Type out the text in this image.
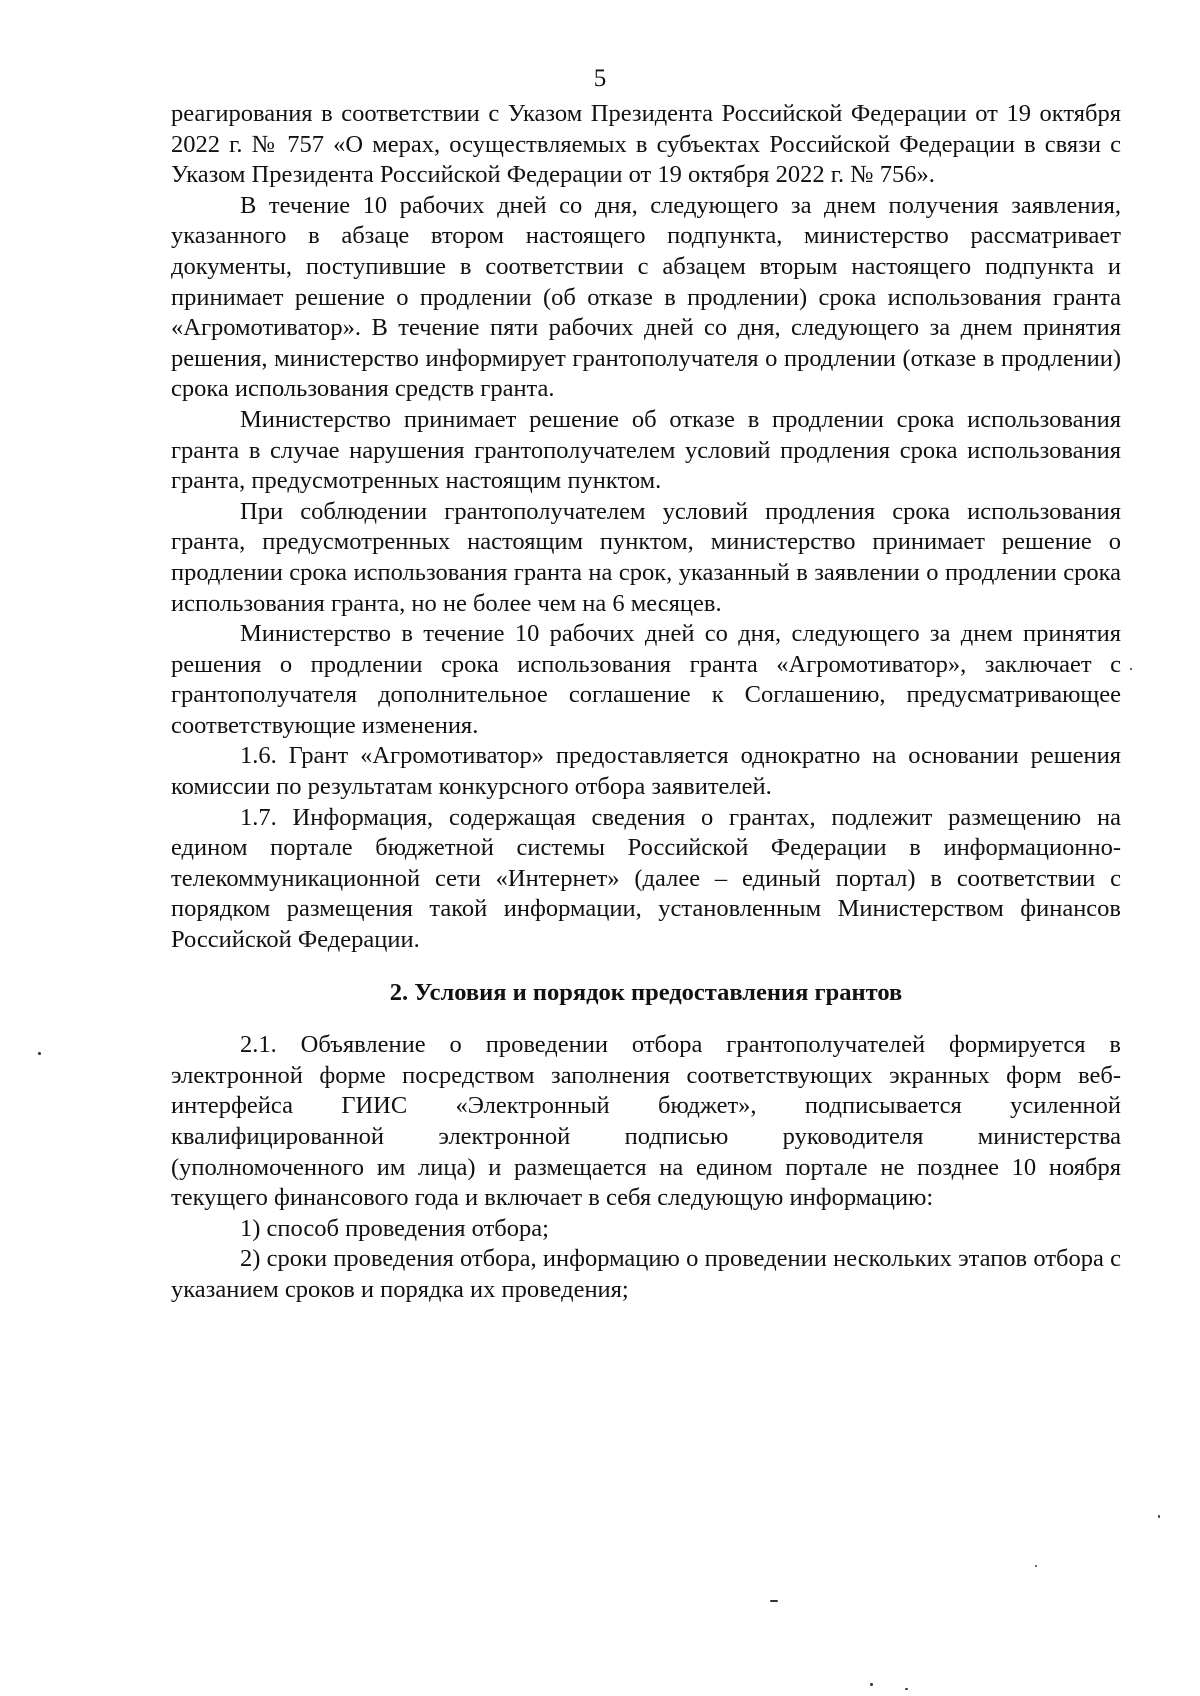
5

реагирования в соответствии с Указом Президента Российской Федерации от 19 октября 2022 г. № 757 «О мерах, осуществляемых в субъектах Российской Федерации в связи с Указом Президента Российской Федерации от 19 октября 2022 г. № 756».

В течение 10 рабочих дней со дня, следующего за днем получения заявления, указанного в абзаце втором настоящего подпункта, министерство рассматривает документы, поступившие в соответствии с абзацем вторым настоящего подпункта и принимает решение о продлении (об отказе в продлении) срока использования гранта «Агромотиватор». В течение пяти рабочих дней со дня, следующего за днем принятия решения, министерство информирует грантополучателя о продлении (отказе в продлении) срока использования средств гранта.

Министерство принимает решение об отказе в продлении срока использования гранта в случае нарушения грантополучателем условий продления срока использования гранта, предусмотренных настоящим пунктом.

При соблюдении грантополучателем условий продления срока использования гранта, предусмотренных настоящим пунктом, министерство принимает решение о продлении срока использования гранта на срок, указанный в заявлении о продлении срока использования гранта, но не более чем на 6 месяцев.

Министерство в течение 10 рабочих дней со дня, следующего за днем принятия решения о продлении срока использования гранта «Агромотиватор», заключает с грантополучателя дополнительное соглашение к Соглашению, предусматривающее соответствующие изменения.

1.6. Грант «Агромотиватор» предоставляется однократно на основании решения комиссии по результатам конкурсного отбора заявителей.

1.7. Информация, содержащая сведения о грантах, подлежит размещению на едином портале бюджетной системы Российской Федерации в информационно-телекоммуникационной сети «Интернет» (далее – единый портал) в соответствии с порядком размещения такой информации, установленным Министерством финансов Российской Федерации.

2. Условия и порядок предоставления грантов

2.1. Объявление о проведении отбора грантополучателей формируется в электронной форме посредством заполнения соответствующих экранных форм веб-интерфейса ГИИС «Электронный бюджет», подписывается усиленной квалифицированной электронной подписью руководителя министерства (уполномоченного им лица) и размещается на едином портале не позднее 10 ноября текущего финансового года и включает в себя следующую информацию:

1) способ проведения отбора;

2) сроки проведения отбора, информацию о проведении нескольких этапов отбора с указанием сроков и порядка их проведения;
